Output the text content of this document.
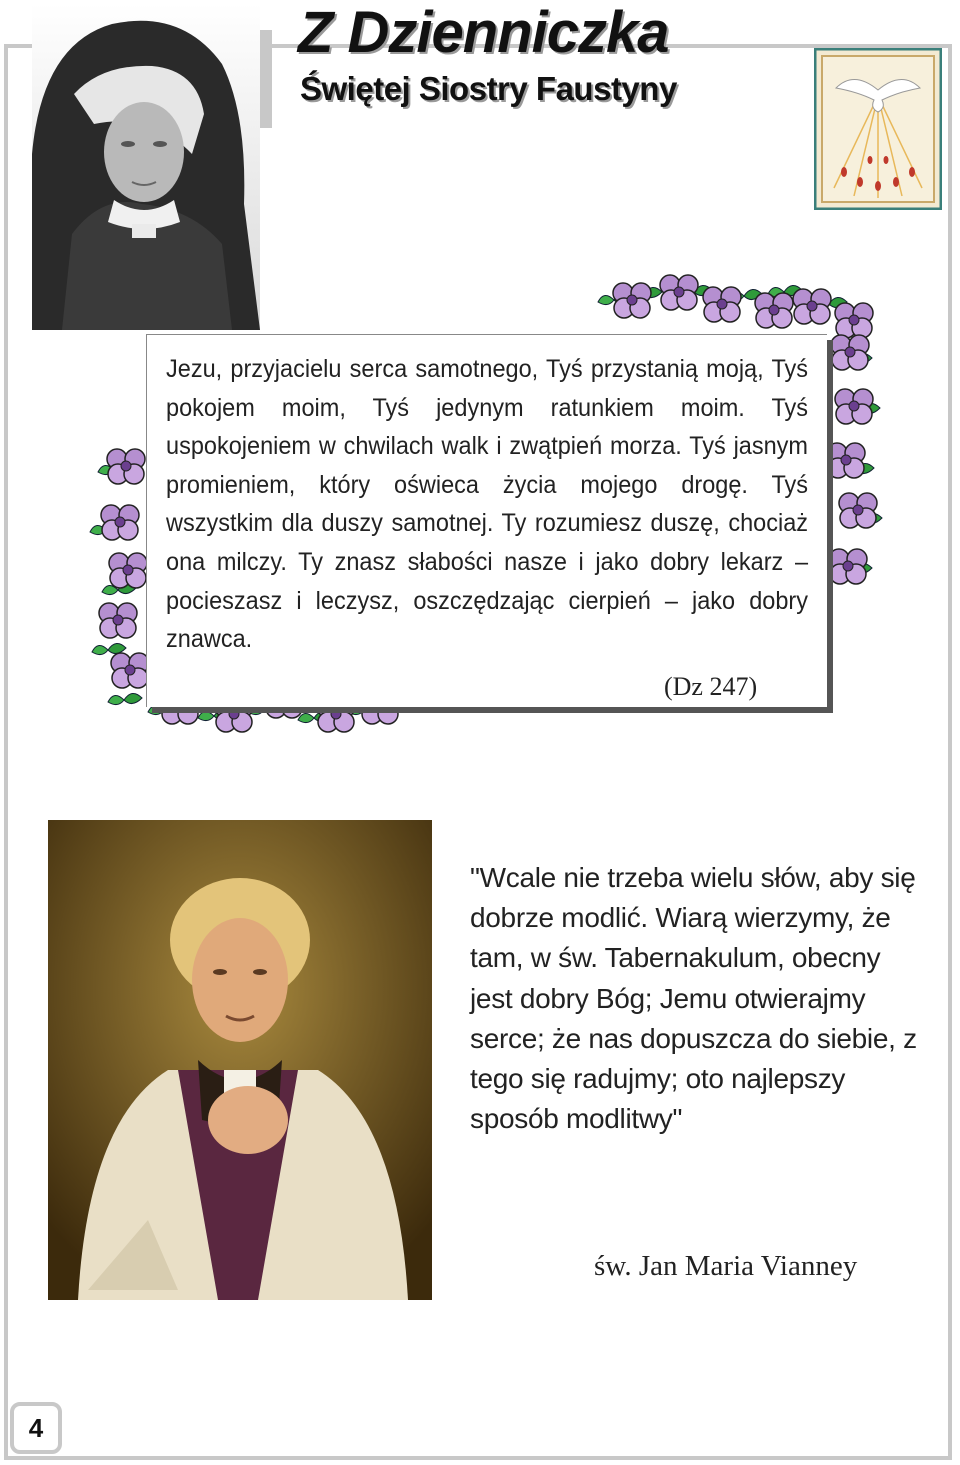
Z Dzienniczka
Świętej Siostry Faustyny
Jezu, przyjacielu serca samotnego, Tyś przystanią moją, Tyś pokojem moim, Tyś jedynym ratunkiem moim. Tyś uspokojeniem w chwilach walk i zwątpień morza. Tyś jasnym promieniem, który oświeca życia mojego drogę. Tyś wszystkim dla duszy samotnej. Ty rozumiesz duszę, chociaż ona milczy. Ty znasz słabości nasze i jako dobry lekarz –pocieszasz i leczysz, oszczędzając cierpień – jako dobry znawca.
(Dz 247)
"Wcale nie trzeba wielu słów, aby się dobrze modlić. Wiarą wierzymy, że tam, w św. Tabernakulum, obecny jest dobry Bóg; Jemu otwierajmy serce; że nas dopuszcza do siebie, z tego się radujmy; oto najlepszy sposób modlitwy"
św. Jan Maria Vianney
4
